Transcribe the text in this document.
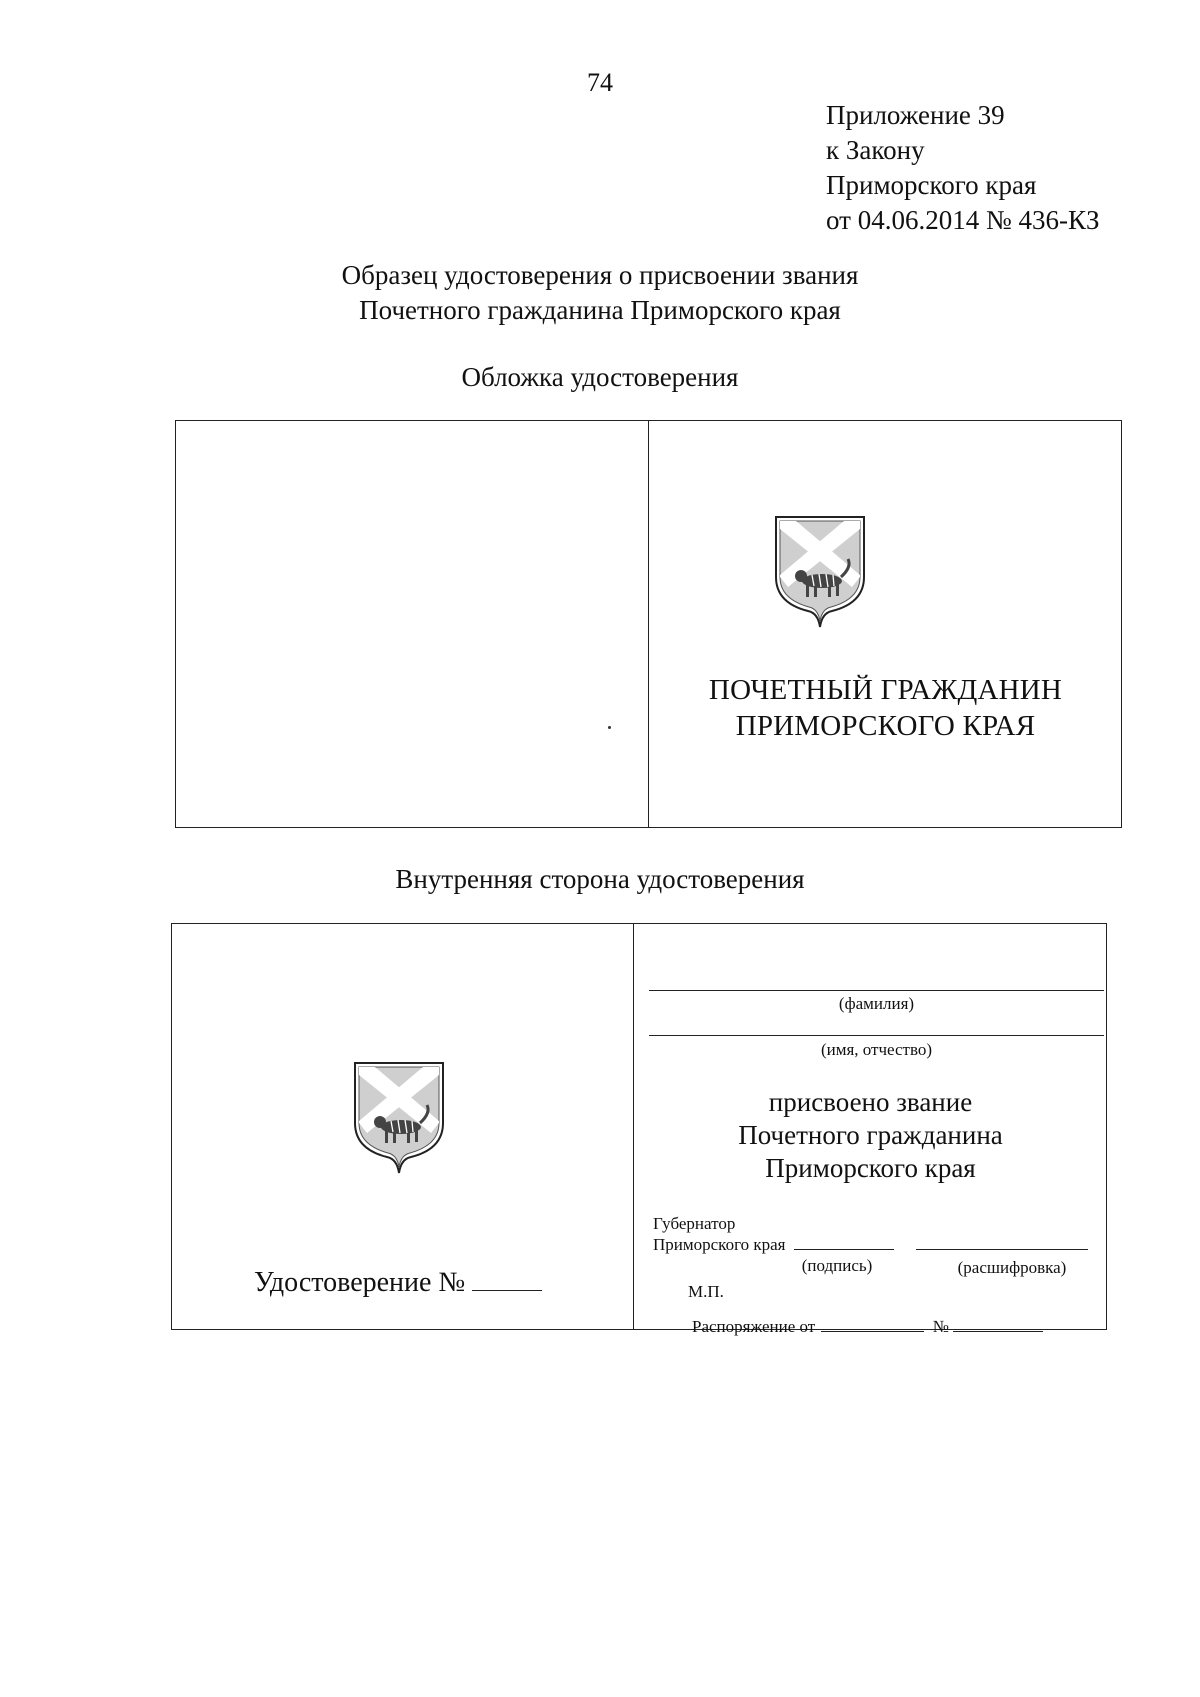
74
Приложение 39
к Закону
Приморского края
от 04.06.2014 № 436-КЗ
Образец удостоверения о присвоении звания
Почетного гражданина Приморского края
Обложка удостоверения
ПОЧЕТНЫЙ ГРАЖДАНИН
ПРИМОРСКОГО КРАЯ
Внутренняя сторона удостоверения
Удостоверение №
(фамилия)
(имя, отчество)
присвоено звание
Почетного гражданина
Приморского края
Губернатор
Приморского края
(подпись)	(расшифровка)
М.П.
Распоряжение от	№
